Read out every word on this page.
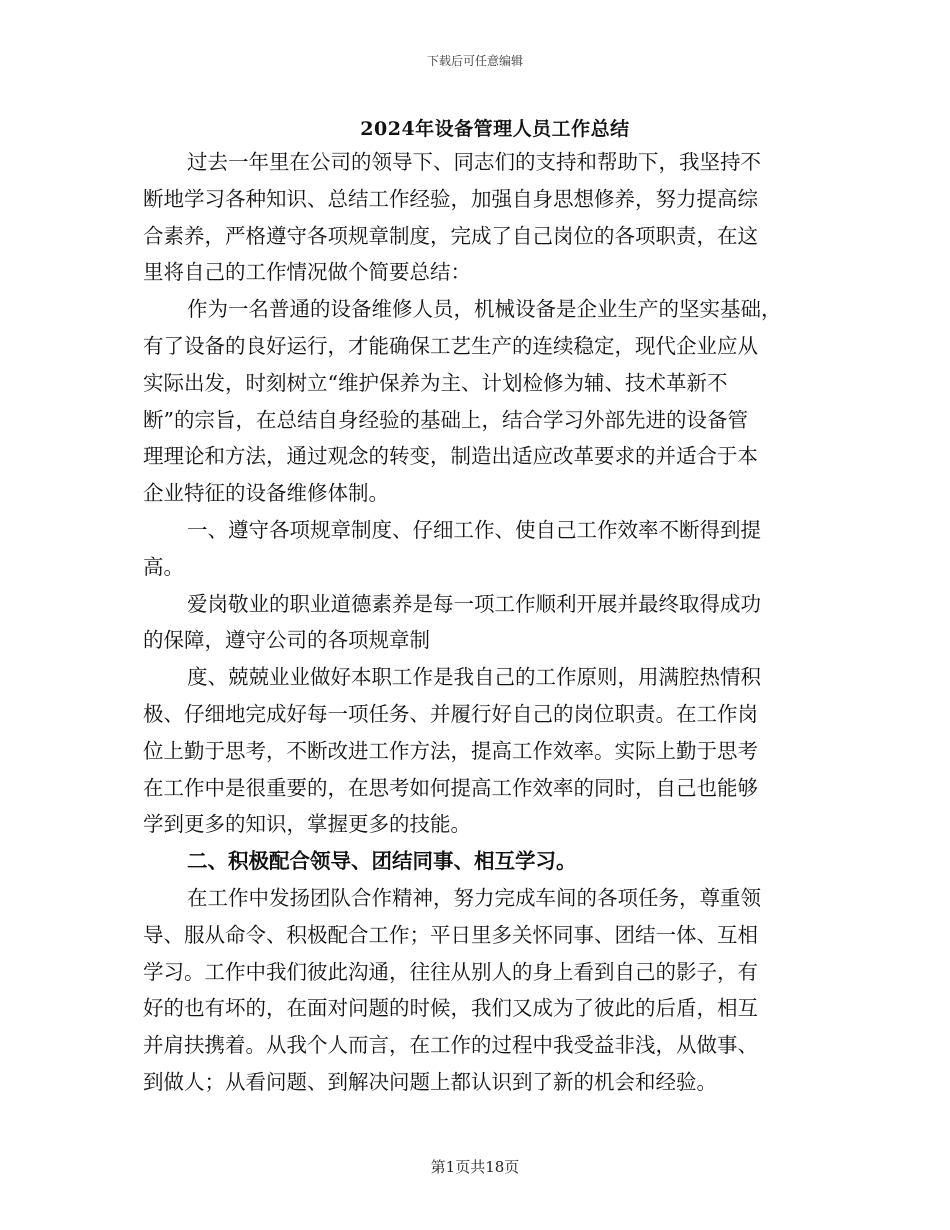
下载后可任意编辑
2024年设备管理人员工作总结

过去一年里在公司的领导下、同志们的支持和帮助下，我坚持不
断地学习各种知识、总结工作经验，加强自身思想修养，努力提高综
合素养，严格遵守各项规章制度，完成了自己岗位的各项职责，在这
里将自己的工作情况做个简要总结：

作为一名普通的设备维修人员，机械设备是企业生产的坚实基础，
有了设备的良好运行，才能确保工艺生产的连续稳定，现代企业应从
实际出发，时刻树立“维护保养为主、计划检修为辅、技术革新不
断”的宗旨，在总结自身经验的基础上，结合学习外部先进的设备管
理理论和方法，通过观念的转变，制造出适应改革要求的并适合于本
企业特征的设备维修体制。

一、遵守各项规章制度、仔细工作、使自己工作效率不断得到提
高。

爱岗敬业的职业道德素养是每一项工作顺利开展并最终取得成功
的保障，遵守公司的各项规章制

度、兢兢业业做好本职工作是我自己的工作原则，用满腔热情积
极、仔细地完成好每一项任务、并履行好自己的岗位职责。在工作岗
位上勤于思考，不断改进工作方法，提高工作效率。实际上勤于思考
在工作中是很重要的，在思考如何提高工作效率的同时，自己也能够
学到更多的知识，掌握更多的技能。

二、积极配合领导、团结同事、相互学习。

在工作中发扬团队合作精神，努力完成车间的各项任务，尊重领
导、服从命令、积极配合工作；平日里多关怀同事、团结一体、互相
学习。工作中我们彼此沟通，往往从别人的身上看到自己的影子，有
好的也有坏的，在面对问题的时候，我们又成为了彼此的后盾，相互
并肩扶携着。从我个人而言，在工作的过程中我受益非浅，从做事、
到做人；从看问题、到解决问题上都认识到了新的机会和经验。

第1页共18页
